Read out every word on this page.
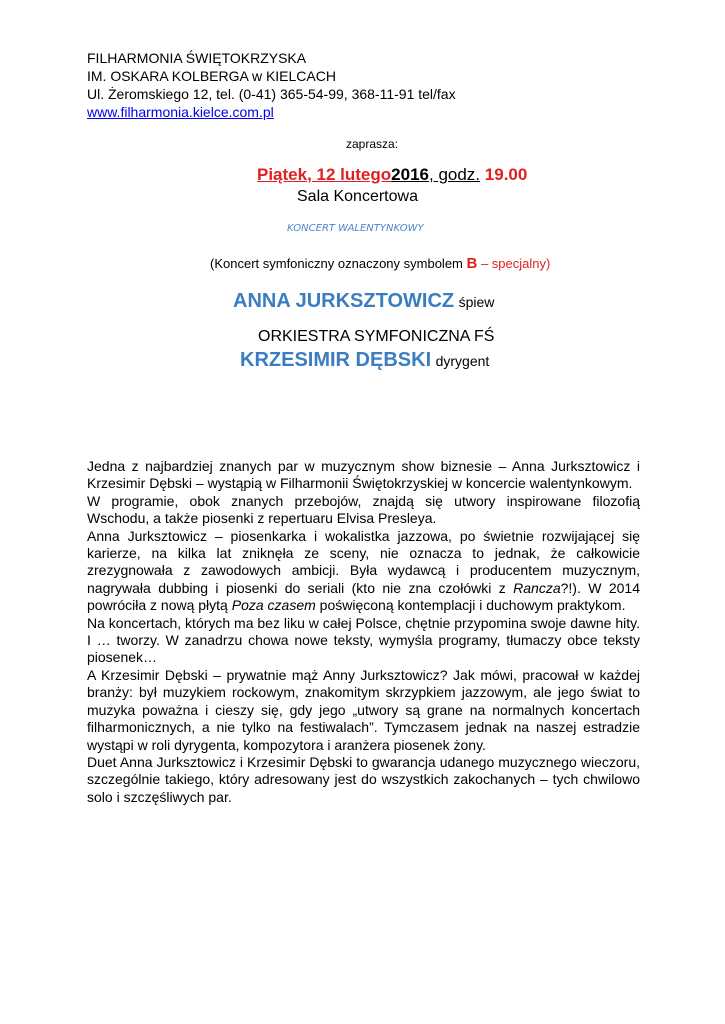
FILHARMONIA ŚWIĘTOKRZYSKA
IM. OSKARA KOLBERGA w KIELCACH
Ul. Żeromskiego 12, tel. (0-41) 365-54-99, 368-11-91 tel/fax
www.filharmonia.kielce.com.pl
zaprasza:
Piątek, 12 lutego2016, godz. 19.00
Sala Koncertowa
KONCERT WALENTYNKOWY
(Koncert symfoniczny oznaczony symbolem B – specjalny)
ANNA JURKSZTOWICZ śpiew
ORKIESTRA SYMFONICZNA FŚ
KRZESIMIR DĘBSKI dyrygent

Jedna z najbardziej znanych par w muzycznym show biznesie – Anna Jurksztowicz i Krzesimir Dębski – wystąpią w Filharmonii Świętokrzyskiej w koncercie walentynkowym.

W programie, obok znanych przebojów, znajdą się utwory inspirowane filozofią Wschodu, a także piosenki z repertuaru Elvisa Presleya.

Anna Jurksztowicz – piosenkarka i wokalistka jazzowa, po świetnie rozwijającej się karierze, na kilka lat zniknęła ze sceny, nie oznacza to jednak, że całkowicie zrezygnowała z zawodowych ambicji. Była wydawcą i producentem muzycznym, nagrywała dubbing i piosenki do seriali (kto nie zna czołówki z Rancza?!). W 2014 powróciła z nową płytą Poza czasem poświęconą kontemplacji i duchowym praktykom.

Na koncertach, których ma bez liku w całej Polsce, chętnie przypomina swoje dawne hity. I … tworzy. W zanadrzu chowa nowe teksty, wymyśla programy, tłumaczy obce teksty piosenek…

A Krzesimir Dębski – prywatnie mąż Anny Jurksztowicz? Jak mówi, pracował w każdej branży: był muzykiem rockowym, znakomitym skrzypkiem jazzowym, ale jego świat to muzyka poważna i cieszy się, gdy jego „utwory są grane na normalnych koncertach filharmonicznych, a nie tylko na festiwalach”. Tymczasem jednak na naszej estradzie wystąpi w roli dyrygenta, kompozytora i aranżera piosenek żony.

Duet Anna Jurksztowicz i Krzesimir Dębski to gwarancja udanego muzycznego wieczoru, szczególnie takiego, który adresowany jest do wszystkich zakochanych – tych chwilowo solo i szczęśliwych par.
